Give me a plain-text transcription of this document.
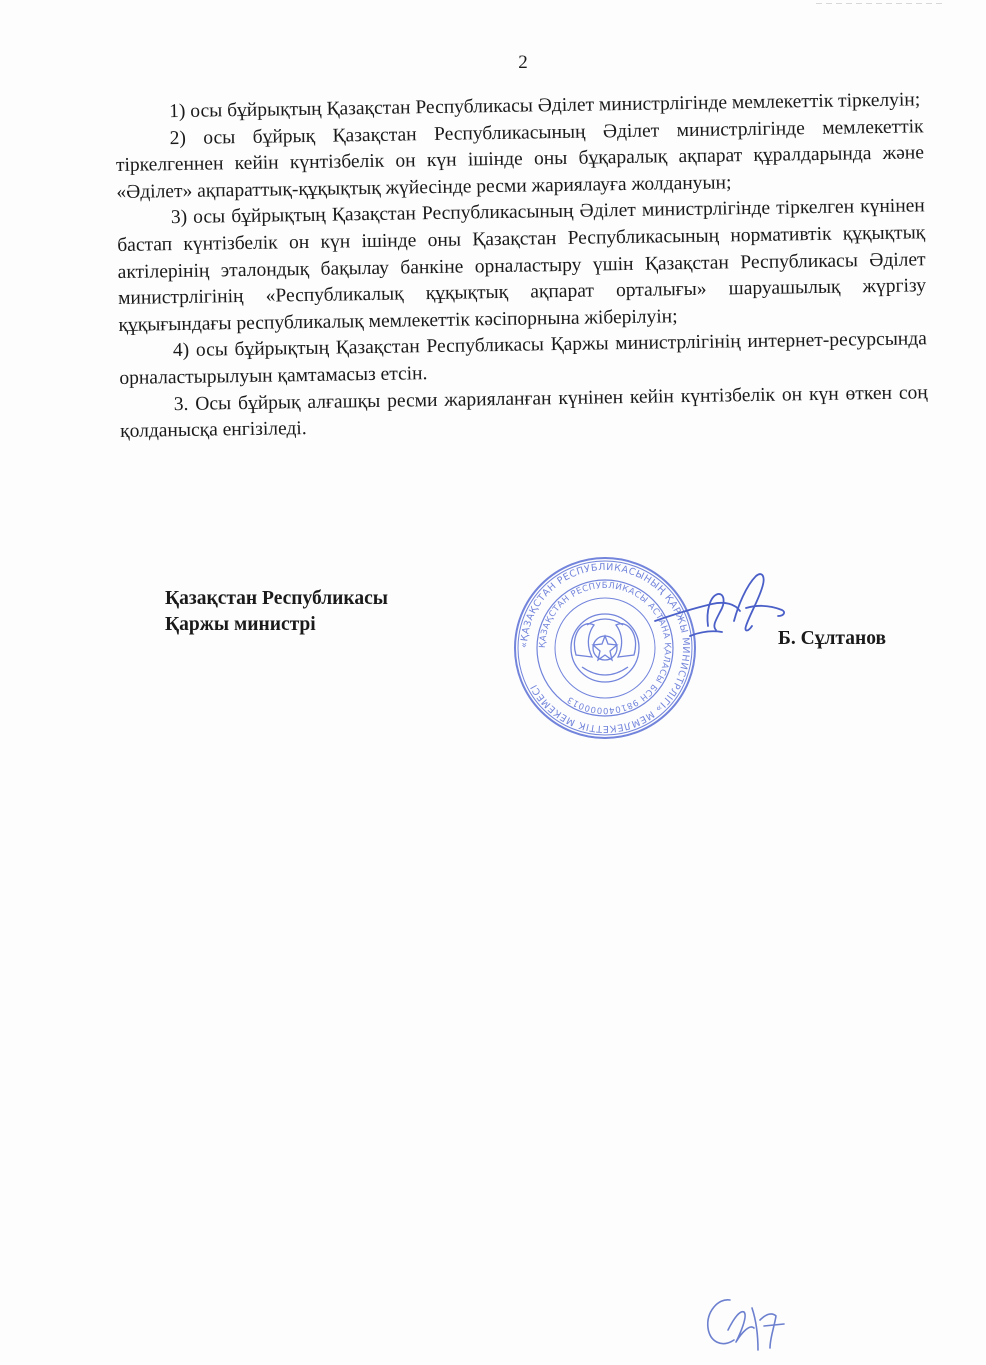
2

1) осы бұйрықтың Қазақстан Республикасы Әділет министрлігінде мемлекеттік тіркелуін;

2) осы бұйрық Қазақстан Республикасының Әділет министрлігінде мемлекеттік тіркелгеннен кейін күнтізбелік он күн ішінде оны бұқаралық ақпарат құралдарында және «Әділет» ақпараттық-құқықтық жүйесінде ресми жариялауға жолдануын;

3) осы бұйрықтың Қазақстан Республикасының Әділет министрлігінде тіркелген күнінен бастап күнтізбелік он күн ішінде оны Қазақстан Республикасының нормативтік құқықтық актілерінің эталондық бақылау банкіне орналастыру үшін Қазақстан Республикасы Әділет министрлігінің «Республикалық құқықтық ақпарат орталығы» шаруашылық жүргізу құқығындағы республикалық мемлекеттік кәсіпорнына жіберілуін;

4) осы бұйрықтың Қазақстан Республикасы Қаржы министрлігінің интернет-ресурсында орналастырылуын қамтамасыз етсін.

3. Осы бұйрық алғашқы ресми жарияланған күнінен кейін күнтізбелік он күн өткен соң қолданысқа енгізіледі.

Қазақстан Республикасы
Қаржы министрі
«ҚАЗАҚСТАН РЕСПУБЛИКАСЫНЫҢ ҚАРЖЫ МИНИСТРЛІГІ» МЕМЛЕКЕТТІК МЕКЕМЕСІ
ҚАЗАҚСТАН РЕСПУБЛИКАСЫ АСТАНА ҚАЛАСЫ БСН 981040000013
Б. Сұлтанов
